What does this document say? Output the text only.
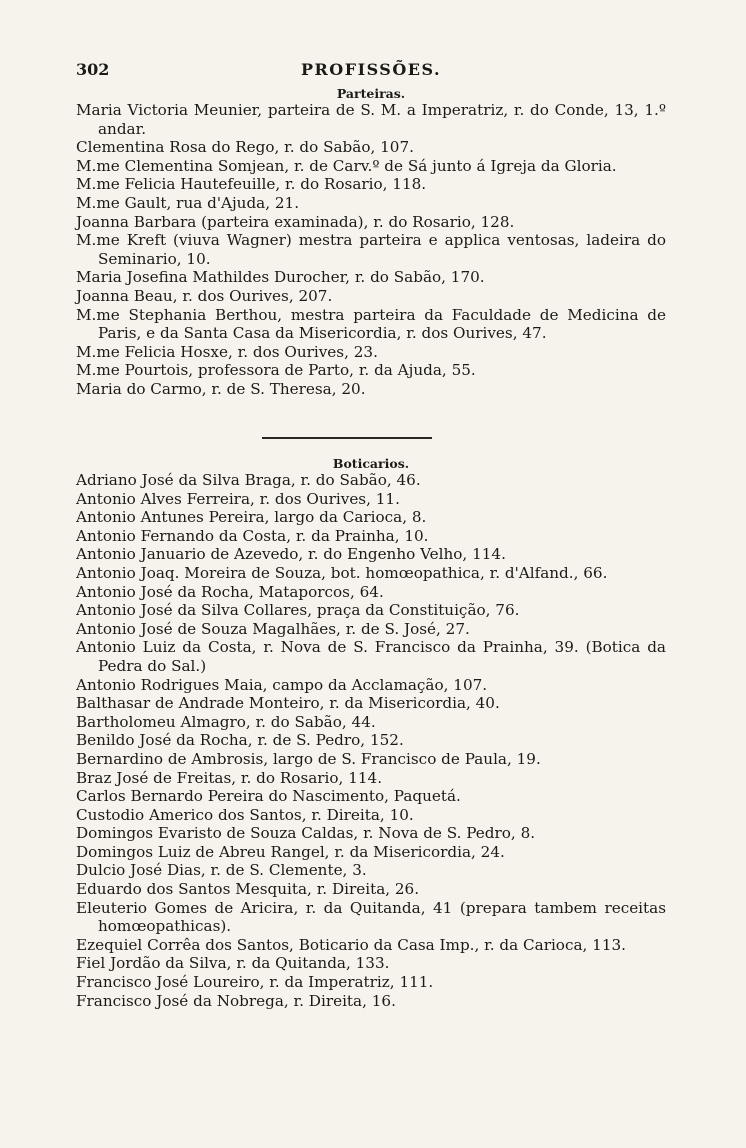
302	PROFISSÕES.

Parteiras.

Maria Victoria Meunier, parteira de S. M. a Imperatriz, r. do Conde, 13, 1.º andar.
Clementina Rosa do Rego, r. do Sabão, 107.
M.me Clementina Somjean, r. de Carv.º de Sá junto á Igreja da Gloria.
M.me Felicia Hautefeuille, r. do Rosario, 118.
M.me Gault, rua d'Ajuda, 21.
Joanna Barbara (parteira examinada), r. do Rosario, 128.
M.me Kreft (viuva Wagner) mestra parteira e applica ventosas, ladeira do Seminario, 10.
Maria Josefina Mathildes Durocher, r. do Sabão, 170.
Joanna Beau, r. dos Ourives, 207.
M.me Stephania Berthou, mestra parteira da Faculdade de Medicina de Paris, e da Santa Casa da Misericordia, r. dos Ourives, 47.
M.me Felicia Hosxe, r. dos Ourives, 23.
M.me Pourtois, professora de Parto, r. da Ajuda, 55.
Maria do Carmo, r. de S. Theresa, 20.

Boticarios.

Adriano José da Silva Braga, r. do Sabão, 46.
Antonio Alves Ferreira, r. dos Ourives, 11.
Antonio Antunes Pereira, largo da Carioca, 8.
Antonio Fernando da Costa, r. da Prainha, 10.
Antonio Januario de Azevedo, r. do Engenho Velho, 114.
Antonio Joaq. Moreira de Souza, bot. homœopathica, r. d'Alfand., 66.
Antonio José da Rocha, Mataporcos, 64.
Antonio José da Silva Collares, praça da Constituição, 76.
Antonio José de Souza Magalhães, r. de S. José, 27.
Antonio Luiz da Costa, r. Nova de S. Francisco da Prainha, 39. (Botica da Pedra do Sal.)
Antonio Rodrigues Maia, campo da Acclamação, 107.
Balthasar de Andrade Monteiro, r. da Misericordia, 40.
Bartholomeu Almagro, r. do Sabão, 44.
Benildo José da Rocha, r. de S. Pedro, 152.
Bernardino de Ambrosis, largo de S. Francisco de Paula, 19.
Braz José de Freitas, r. do Rosario, 114.
Carlos Bernardo Pereira do Nascimento, Paquetá.
Custodio Americo dos Santos, r. Direita, 10.
Domingos Evaristo de Souza Caldas, r. Nova de S. Pedro, 8.
Domingos Luiz de Abreu Rangel, r. da Misericordia, 24.
Dulcio José Dias, r. de S. Clemente, 3.
Eduardo dos Santos Mesquita, r. Direita, 26.
Eleuterio Gomes de Aricira, r. da Quitanda, 41 (prepara tambem receitas homœopathicas).
Ezequiel Corrêa dos Santos, Boticario da Casa Imp., r. da Carioca, 113.
Fiel Jordão da Silva, r. da Quitanda, 133.
Francisco José Loureiro, r. da Imperatriz, 111.
Francisco José da Nobrega, r. Direita, 16.
